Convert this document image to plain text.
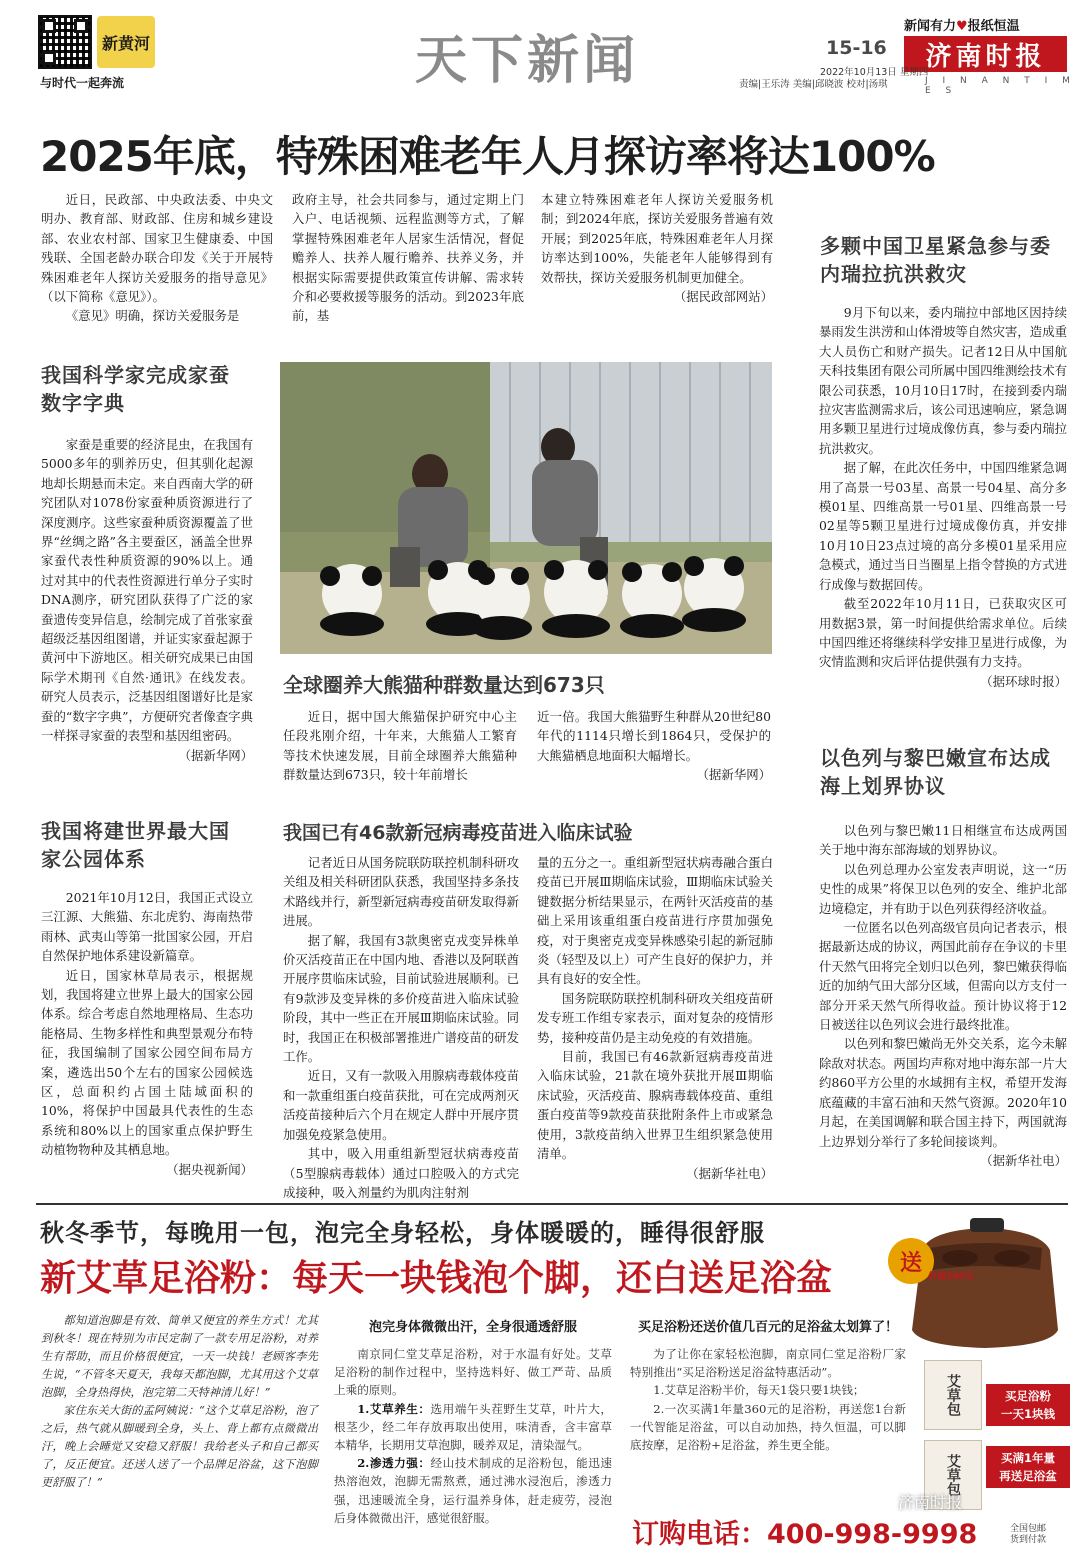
新黄河
与时代一起奔流	天下新闻	15-16
新闻有力♥报纸恒温
济南时报
2022年10月13日 星期四
责编|王乐涛 美编|邱晓波 校对|汤琪	J I N A N T I M E S
2025年底，特殊困难老年人月探访率将达100%

近日，民政部、中央政法委、中央文明办、教育部、财政部、住房和城乡建设部、农业农村部、国家卫生健康委、中国残联、全国老龄办联合印发《关于开展特殊困难老年人探访关爱服务的指导意见》（以下简称《意见》）。

《意见》明确，探访关爱服务是

政府主导，社会共同参与，通过定期上门入户、电话视频、远程监测等方式，了解掌握特殊困难老年人居家生活情况，督促赡养人、扶养人履行赡养、扶养义务，并根据实际需要提供政策宣传讲解、需求转介和必要救援等服务的活动。到2023年底前，基

本建立特殊困难老年人探访关爱服务机制；到2024年底，探访关爱服务普遍有效开展；到2025年底，特殊困难老年人月探访率达到100%，失能老年人能够得到有效帮扶，探访关爱服务机制更加健全。

（据民政部网站）
我国科学家完成家蚕数字字典

家蚕是重要的经济昆虫，在我国有5000多年的驯养历史，但其驯化起源地却长期悬而未定。来自西南大学的研究团队对1078份家蚕种质资源进行了深度测序。这些家蚕种质资源覆盖了世界“丝绸之路”各主要蚕区，涵盖全世界家蚕代表性种质资源的90%以上。通过对其中的代表性资源进行单分子实时DNA测序，研究团队获得了广泛的家蚕遗传变异信息，绘制完成了首张家蚕超级泛基因组图谱，并证实家蚕起源于黄河中下游地区。相关研究成果已由国际学术期刊《自然·通讯》在线发表。研究人员表示，泛基因组图谱好比是家蚕的“数字字典”，方便研究者像查字典一样探寻家蚕的表型和基因组密码。

（据新华网）
全球圈养大熊猫种群数量达到673只

近日，据中国大熊猫保护研究中心主任段兆刚介绍，十年来，大熊猫人工繁育等技术快速发展，目前全球圈养大熊猫种群数量达到673只，较十年前增长

近一倍。我国大熊猫野生种群从20世纪80年代的1114只增长到1864只，受保护的大熊猫栖息地面积大幅增长。

（据新华网）
多颗中国卫星紧急参与委内瑞拉抗洪救灾

9月下旬以来，委内瑞拉中部地区因持续暴雨发生洪涝和山体滑坡等自然灾害，造成重大人员伤亡和财产损失。记者12日从中国航天科技集团有限公司所属中国四维测绘技术有限公司获悉，10月10日17时，在接到委内瑞拉灾害监测需求后，该公司迅速响应，紧急调用多颗卫星进行过境成像仿真，参与委内瑞拉抗洪救灾。

据了解，在此次任务中，中国四维紧急调用了高景一号03星、高景一号04星、高分多模01星、四维高景一号01星、四维高景一号02星等5颗卫星进行过境成像仿真，并安排10月10日23点过境的高分多模01星采用应急模式，通过当日当圈星上指令替换的方式进行成像与数据回传。

截至2022年10月11日，已获取灾区可用数据3景，第一时间提供给需求单位。后续中国四维还将继续科学安排卫星进行成像，为灾情监测和灾后评估提供强有力支持。

（据环球时报）
我国将建世界最大国家公园体系

2021年10月12日，我国正式设立三江源、大熊猫、东北虎豹、海南热带雨林、武夷山等第一批国家公园，开启自然保护地体系建设新篇章。

近日，国家林草局表示，根据规划，我国将建立世界上最大的国家公园体系。综合考虑自然地理格局、生态功能格局、生物多样性和典型景观分布特征，我国编制了国家公园空间布局方案，遴选出50个左右的国家公园候选区，总面积约占国土陆域面积的10%，将保护中国最具代表性的生态系统和80%以上的国家重点保护野生动植物物种及其栖息地。

（据央视新闻）
我国已有46款新冠病毒疫苗进入临床试验

记者近日从国务院联防联控机制科研攻关组及相关科研团队获悉，我国坚持多条技术路线并行，新型新冠病毒疫苗研发取得新进展。

据了解，我国有3款奥密克戎变异株单价灭活疫苗正在中国内地、香港以及阿联酋开展序贯临床试验，目前试验进展顺利。已有9款涉及变异株的多价疫苗进入临床试验阶段，其中一些正在开展Ⅲ期临床试验。同时，我国正在积极部署推进广谱疫苗的研发工作。

近日，又有一款吸入用腺病毒载体疫苗和一款重组蛋白疫苗获批，可在完成两剂灭活疫苗接种后六个月在规定人群中开展序贯加强免疫紧急使用。

其中，吸入用重组新型冠状病毒疫苗（5型腺病毒载体）通过口腔吸入的方式完成接种，吸入剂量约为肌肉注射剂

量的五分之一。重组新型冠状病毒融合蛋白疫苗已开展Ⅲ期临床试验，Ⅲ期临床试验关键数据分析结果显示，在两针灭活疫苗的基础上采用该重组蛋白疫苗进行序贯加强免疫，对于奥密克戎变异株感染引起的新冠肺炎（轻型及以上）可产生良好的保护力，并具有良好的安全性。

国务院联防联控机制科研攻关组疫苗研发专班工作组专家表示，面对复杂的疫情形势，接种疫苗仍是主动免疫的有效措施。

目前，我国已有46款新冠病毒疫苗进入临床试验，21款在境外获批开展Ⅲ期临床试验，灭活疫苗、腺病毒载体疫苗、重组蛋白疫苗等9款疫苗获批附条件上市或紧急使用，3款疫苗纳入世界卫生组织紧急使用清单。

（据新华社电）
以色列与黎巴嫩宣布达成海上划界协议

以色列与黎巴嫩11日相继宣布达成两国关于地中海东部海域的划界协议。

以色列总理办公室发表声明说，这一“历史性的成果”将保卫以色列的安全、维护北部边境稳定，并有助于以色列获得经济收益。

一位匿名以色列高级官员向记者表示，根据最新达成的协议，两国此前存在争议的卡里什天然气田将完全划归以色列，黎巴嫩获得临近的加纳气田大部分区域，但需向以方支付一部分开采天然气所得收益。预计协议将于12日被送往以色列议会进行最终批准。

以色列和黎巴嫩尚无外交关系，迄今未解除敌对状态。两国均声称对地中海东部一片大约860平方公里的水域拥有主权，希望开发海底蕴藏的丰富石油和天然气资源。2020年10月起，在美国调解和联合国主持下，两国就海上边界划分举行了多轮间接谈判。

（据新华社电）
秋冬季节，每晚用一包，泡完全身轻松，身体暖暖的，睡得很舒服
新艾草足浴粉：每天一块钱泡个脚，还白送足浴盆	送
价值380元

都知道泡脚是有效、简单又便宜的养生方式！尤其到秋冬！现在特别为市民定制了一款专用足浴粉，对养生有帮助，而且价格很便宜，一天一块钱！老顾客李先生说，“不管冬天夏天，我每天都泡脚，尤其用这个艾草泡脚，全身热得快，泡完第二天特神清儿好！”

家住东关大街的孟阿姨说：“这个艾草足浴粉，泡了之后，热气就从脚暖到全身，头上、背上都有点微微出汗，晚上会睡觉又安稳又舒服！我给老头子和自己都买了，反正便宜。还送人送了一个品牌足浴盆，这下泡脚更舒服了！”

泡完身体微微出汗，全身很通透舒服

南京同仁堂艾草足浴粉，对于水温有好处。艾草足浴粉的制作过程中，坚持选料好、做工严苛、品质上乘的原则。

1.艾草养生：选用端午头茬野生艾草，叶片大，根茎少，经二年存放再取出使用，味清香，含丰富草本精华，长期用艾草泡脚，暖养双足，清染湿气。

2.渗透力强：经山技术制成的足浴粉包，能迅速热溶泡效，泡脚无需熬煮，通过沸水浸泡后，渗透力强，迅速暖流全身，运行温养身体，赶走疲劳，浸泡后身体微微出汗，感觉很舒服。

买足浴粉还送价值几百元的足浴盆太划算了！

为了让你在家轻松泡脚，南京同仁堂足浴粉厂家特别推出“买足浴粉送足浴盆特惠活动”。

1.艾草足浴粉半价，每天1袋只要1块钱；

2.一次买满1年量360元的足浴粉，再送您1台新一代智能足浴盆，可以自动加热，持久恒温，可以脚底按摩，足浴粉+足浴盆，养生更全能。

艾草包
艾草包
买足浴粉
一天1块钱
买满1年量
再送足浴盆
济南时报
订购电话：400-998-9998	全国包邮
货到付款
